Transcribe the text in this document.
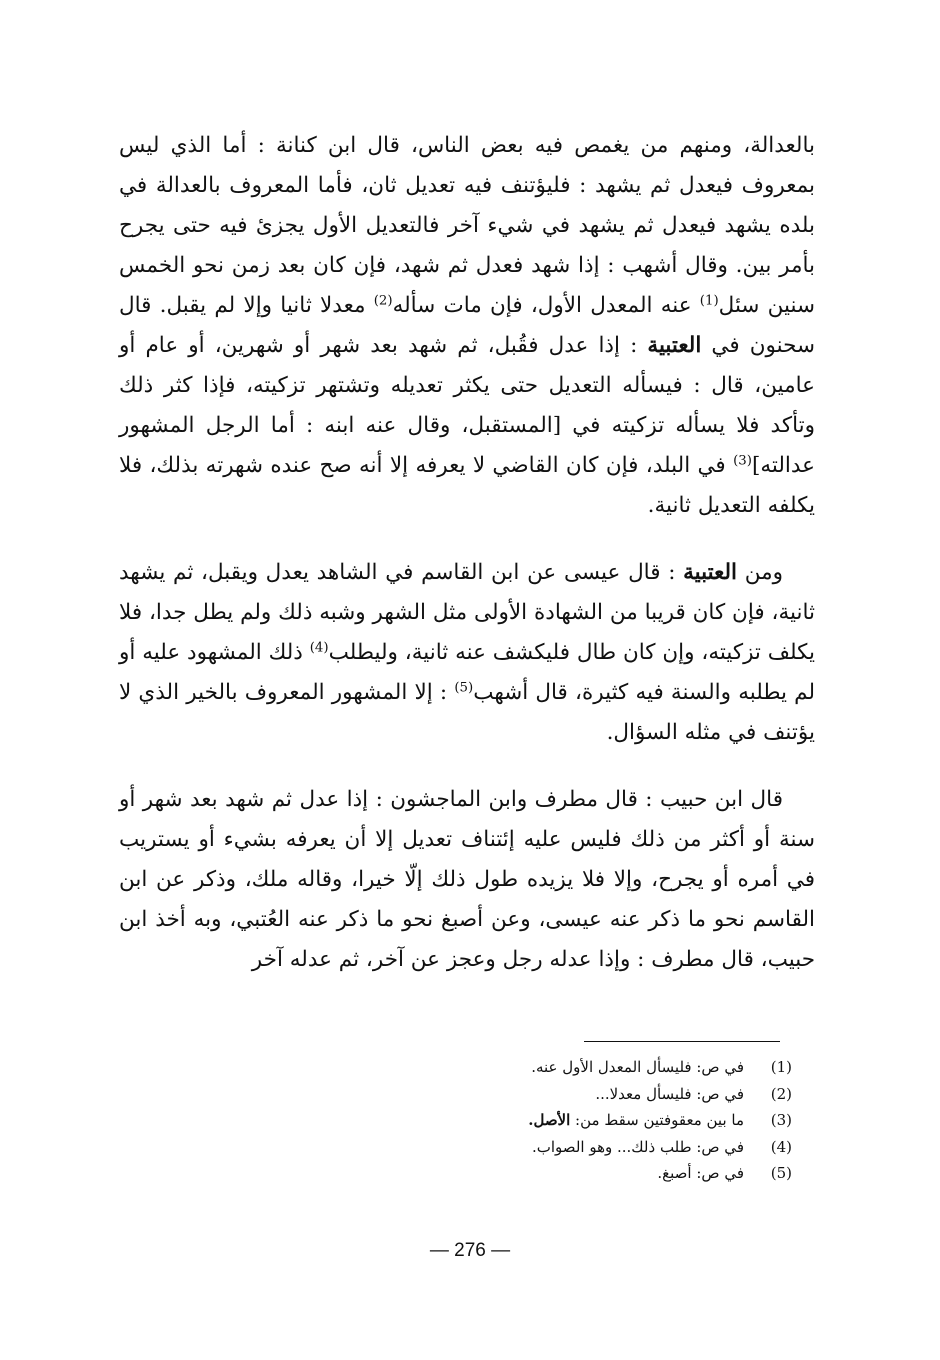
بالعدالة، ومنهم من يغمص فيه بعض الناس، قال ابن كنانة : أما الذي ليس بمعروف فيعدل ثم يشهد : فليؤتنف فيه تعديل ثان، فأما المعروف بالعدالة في بلده يشهد فيعدل ثم يشهد في شيء آخر فالتعديل الأول يجزئ فيه حتى يجرح بأمر بين. وقال أشهب : إذا شهد فعدل ثم شهد، فإن كان بعد زمن نحو الخمس سنين سئل$^{(1)}$ عنه المعدل الأول، فإن مات سأله$^{(2)}$ معدلا ثانيا وإلا لم يقبل. قال سحنون في العتبية : إذا عدل فقُبل، ثم شهد بعد شهر أو شهرين، أو عام أو عامين، قال : فيسأله التعديل حتى يكثر تعديله وتشتهر تزكيته، فإذا كثر ذلك وتأكد فلا يسأله تزكيته في [المستقبل، وقال عنه ابنه : أما الرجل المشهور عدالته]$^{(3)}$ في البلد، فإن كان القاضي لا يعرفه إلا أنه صح عنده شهرته بذلك، فلا يكلفه التعديل ثانية.

ومن العتبية : قال عيسى عن ابن القاسم في الشاهد يعدل ويقبل، ثم يشهد ثانية، فإن كان قريبا من الشهادة الأولى مثل الشهر وشبه ذلك ولم يطل جدا، فلا يكلف تزكيته، وإن كان طال فليكشف عنه ثانية، وليطلب$^{(4)}$ ذلك المشهود عليه أو لم يطلبه والسنة فيه كثيرة، قال أشهب$^{(5)}$ : إلا المشهور المعروف بالخير الذي لا يؤتنف في مثله السؤال.

قال ابن حبيب : قال مطرف وابن الماجشون : إذا عدل ثم شهد بعد شهر أو سنة أو أكثر من ذلك فليس عليه إئتناف تعديل إلا أن يعرفه بشيء أو يستريب في أمره أو يجرح، وإلا فلا يزيده طول ذلك إلّا خيرا، وقاله ملك، وذكر عن ابن القاسم نحو ما ذكر عنه عيسى، وعن أصبغ نحو ما ذكر عنه العُتبي، وبه أخذ ابن حبيب، قال مطرف : وإذا عدله رجل وعجز عن آخر، ثم عدله آخر

(1)في ص: فليسأل المعدل الأول عنه.
(2)في ص: فليسأل معدلا...
(3)ما بين معقوفتين سقط من: الأصل.
(4)في ص: طلب ذلك... وهو الصواب.
(5)في ص: أصبغ.
— 276 —
